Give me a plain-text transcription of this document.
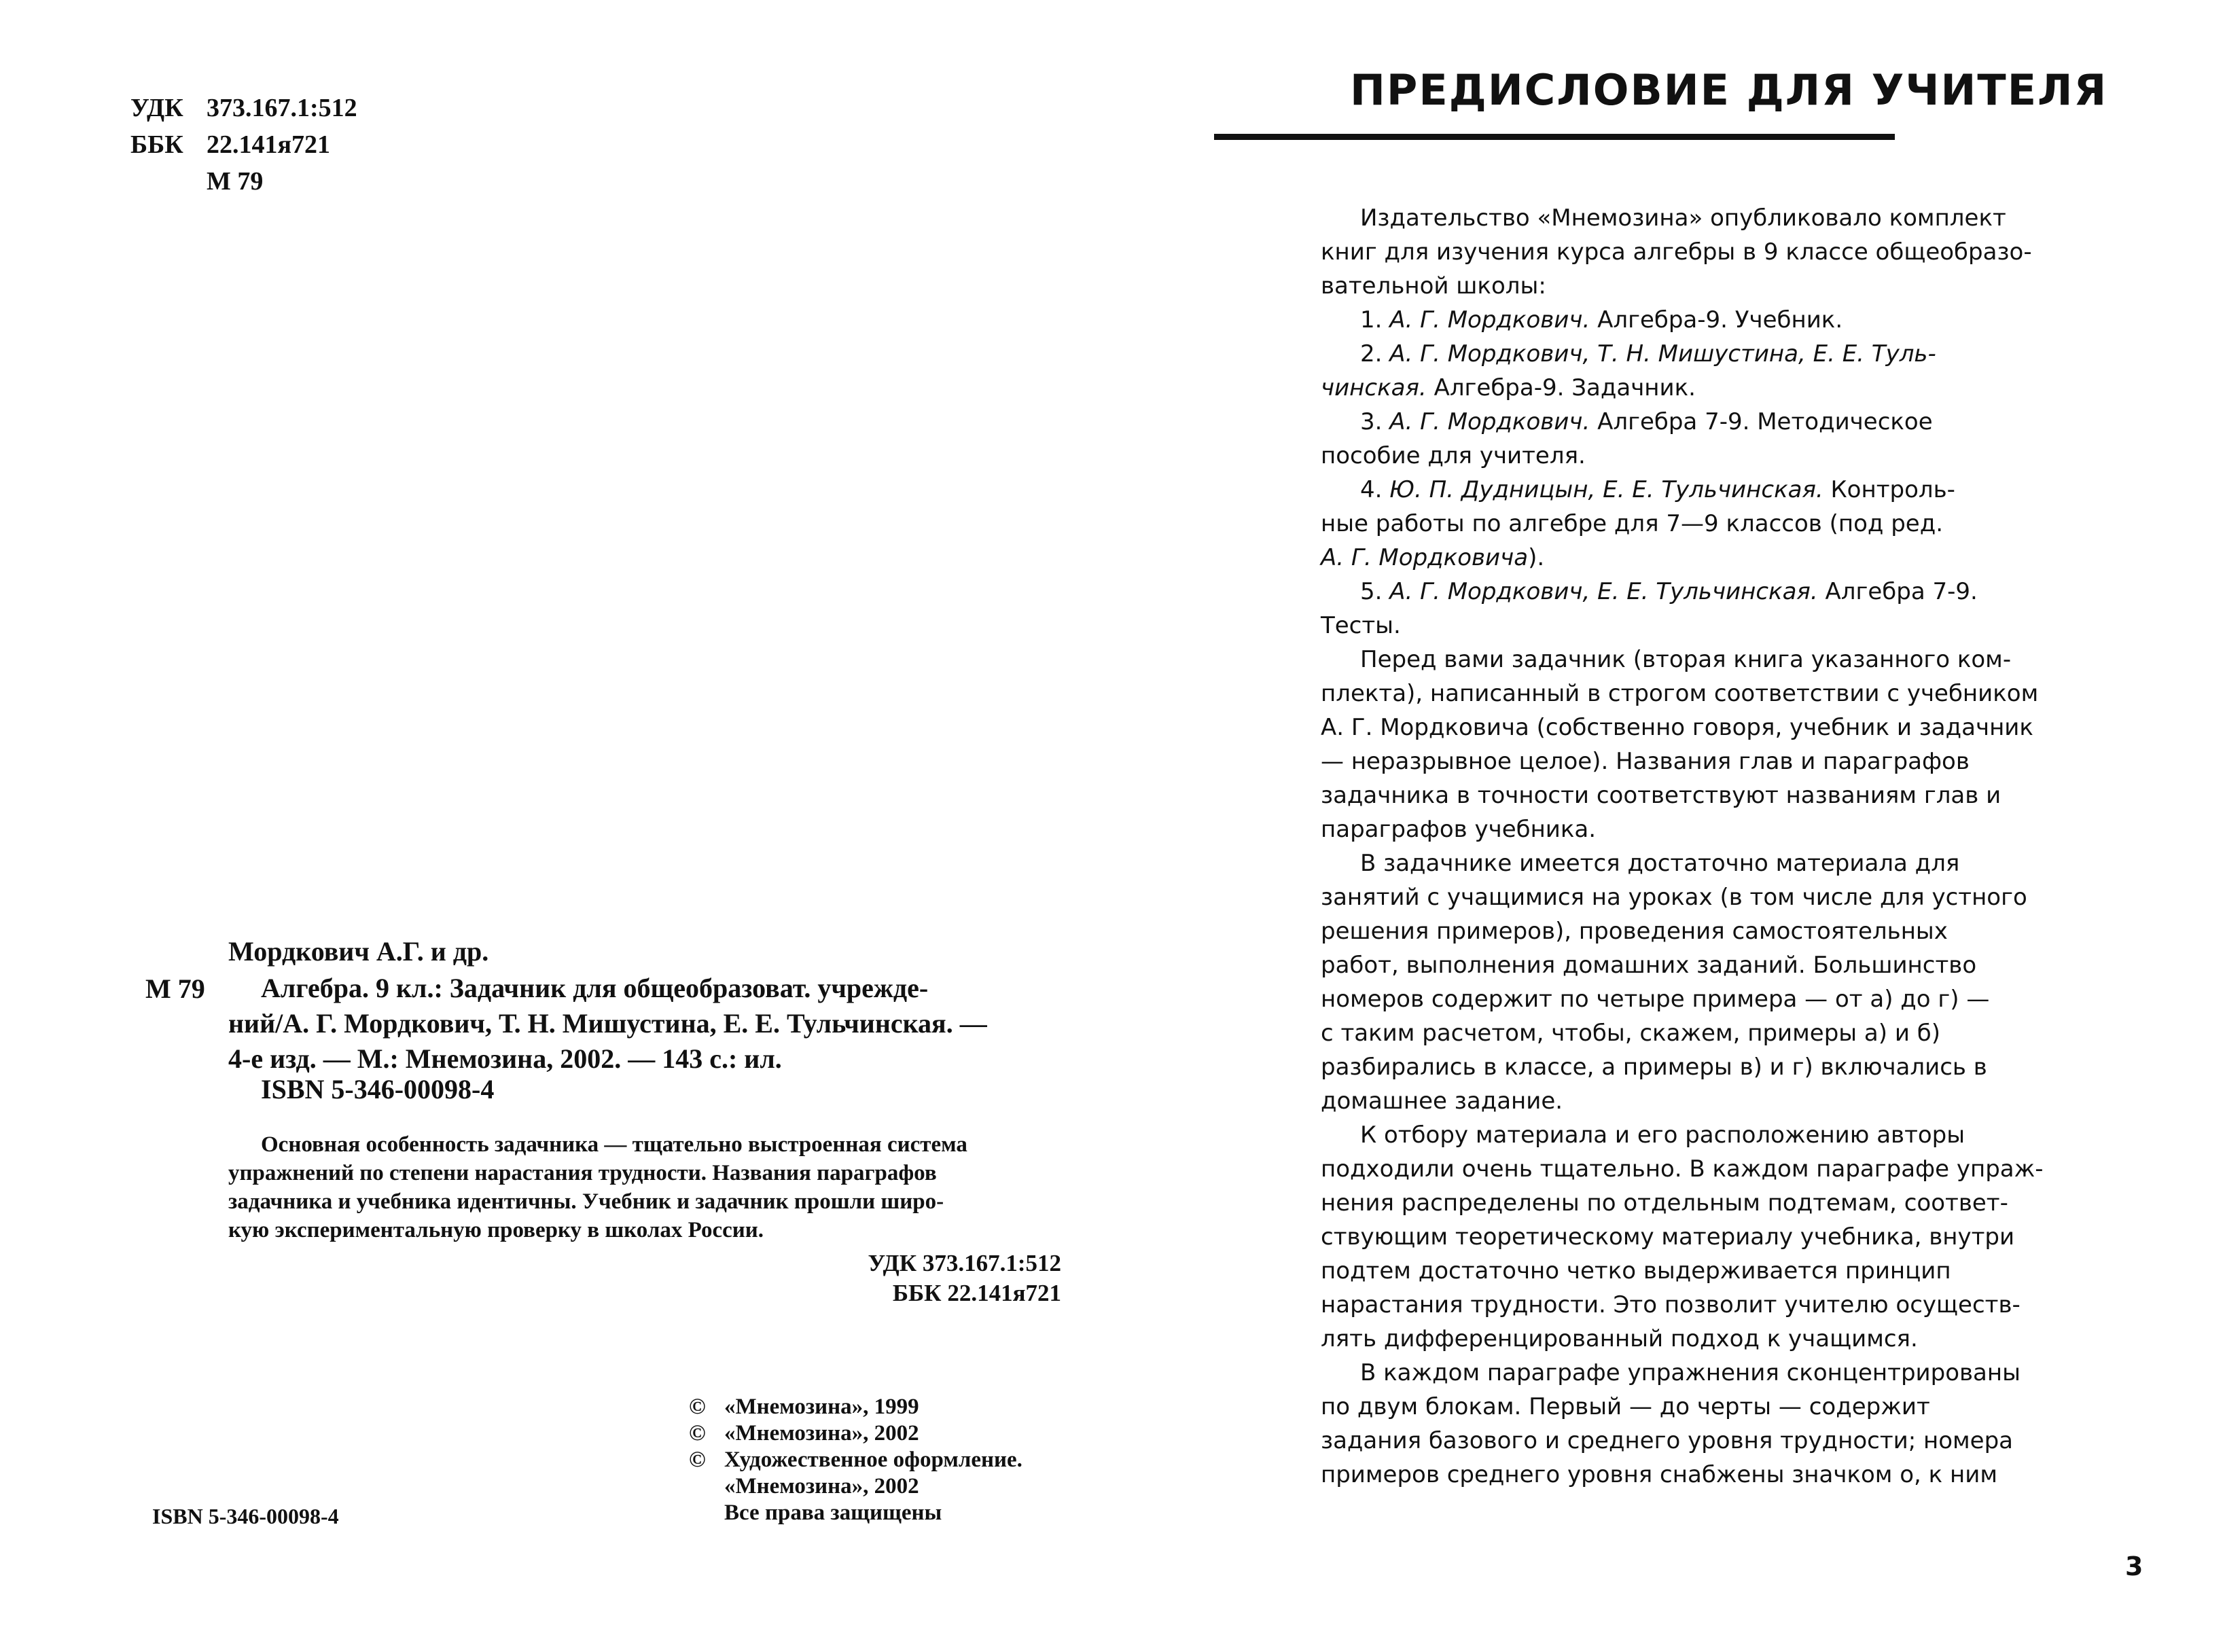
УДК 373.167.1:512
ББК 22.141я721
М 79
Мордкович А.Г. и др.
М 79	Алгебра. 9 кл.: Задачник для общеобразоват. учрежде-
ний/А. Г. Мордкович, Т. Н. Мишустина, Е. Е. Тульчинская. —
4-е изд. — М.: Мнемозина, 2002. — 143 с.: ил.
ISBN 5-346-00098-4
Основная особенность задачника — тщательно выстроенная система
упражнений по степени нарастания трудности. Названия параграфов
задачника и учебника идентичны. Учебник и задачник прошли широ-
кую экспериментальную проверку в школах России.
УДК 373.167.1:512
ББК 22.141я721
© «Мнемозина», 1999
© «Мнемозина», 2002
© Художественное оформление.
«Мнемозина», 2002
Все права защищены
ISBN 5-346-00098-4
ПРЕДИСЛОВИЕ ДЛЯ УЧИТЕЛЯ
Издательство «Мнемозина» опубликовало комплект
книг для изучения курса алгебры в 9 классе общеобразо-
вательной школы:
1. А. Г. Мордкович. Алгебра-9. Учебник.
2. А. Г. Мордкович, Т. Н. Мишустина, Е. Е. Туль-
чинская. Алгебра-9. Задачник.
3. А. Г. Мордкович. Алгебра 7-9. Методическое
пособие для учителя.
4. Ю. П. Дудницын, Е. Е. Тульчинская. Контроль-
ные работы по алгебре для 7—9 классов (под ред.
А. Г. Мордковича).
5. А. Г. Мордкович, Е. Е. Тульчинская. Алгебра 7-9.
Тесты.
Перед вами задачник (вторая книга указанного ком-
плекта), написанный в строгом соответствии с учебником
А. Г. Мордковича (собственно говоря, учебник и задачник
— неразрывное целое). Названия глав и параграфов
задачника в точности соответствуют названиям глав и
параграфов учебника.
В задачнике имеется достаточно материала для
занятий с учащимися на уроках (в том числе для устного
решения примеров), проведения самостоятельных
работ, выполнения домашних заданий. Большинство
номеров содержит по четыре примера — от а) до г) —
с таким расчетом, чтобы, скажем, примеры а) и б)
разбирались в классе, а примеры в) и г) включались в
домашнее задание.
К отбору материала и его расположению авторы
подходили очень тщательно. В каждом параграфе упраж-
нения распределены по отдельным подтемам, соответ-
ствующим теоретическому материалу учебника, внутри
подтем достаточно четко выдерживается принцип
нарастания трудности. Это позволит учителю осуществ-
лять дифференцированный подход к учащимся.
В каждом параграфе упражнения сконцентрированы
по двум блокам. Первый — до черты — содержит
задания базового и среднего уровня трудности; номера
примеров среднего уровня снабжены значком о, к ним
3
